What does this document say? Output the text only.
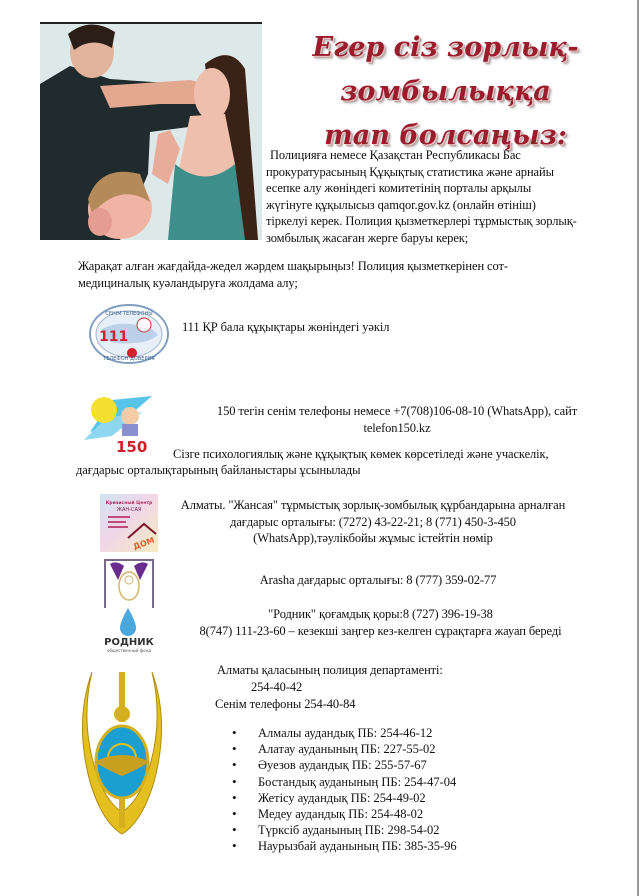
Егер сіз зорлық-зомбылыққа
тап болсаңыз:
Полицияға немесе Қазақстан Республикасы Бас
прокуратурасының Құқықтық статистика және арнайы
есепке алу жөніндегі комитетінің порталы арқылы
жүгінуге құқылысыз qamqor.gov.kz (онлайн өтініш)
тіркелуі керек. Полиция қызметкерлері тұрмыстық зорлық-
зомбылық жасаған жерге баруы керек;
Жарақат алған жағдайда-жедел жәрдем шақырыңыз! Полиция қызметкерінен сот-
медициналық куәландыруға жолдама алу;
111
СЕНІМ ТЕЛЕФОНЫ
ТЕЛЕФОН ДОВЕРИЯ
111 ҚР бала құқықтары жөніндегі уәкіл
150
150 тегін сенім телефоны немесе +7(708)106-08-10 (WhatsApp), сайт
telefon150.kz
Сізге психологиялық және құқықтық көмек көрсетіледі және учаскелік,
дағдарыс орталықтарының байланыстары ұсынылады
Кризисный Центр
ЖАН-САЯ
ДОМ
Алматы. "Жансая" тұрмыстық зорлық-зомбылық құрбандарына арналған
дағдарыс орталығы: (7272) 43-22-21; 8 (771) 450-3-450
(WhatsApp),тәулікбойы жұмыс істейтін нөмір
Arasha дағдарыс орталығы: 8 (777) 359-02-77
РОДНИК
общественный фонд
"Родник" қоғамдық қоры:8 (727) 396-19-38
8(747) 111-23-60 – кезекші заңгер кез-келген сұрақтарға жауап береді
Алматы қаласының полиция департаменті:
254-40-42
Сенім телефоны 254-40-84
• Алмалы аудандық ПБ: 254-46-12
• Алатау ауданының ПБ: 227-55-02
• Әуезов аудандық ПБ: 255-57-67
• Бостандық ауданының ПБ: 254-47-04
• Жетісу аудандық ПБ: 254-49-02
• Медеу аудандық ПБ: 254-48-02
• Түрксіб ауданының ПБ: 298-54-02
• Наурызбай ауданының ПБ: 385-35-96
